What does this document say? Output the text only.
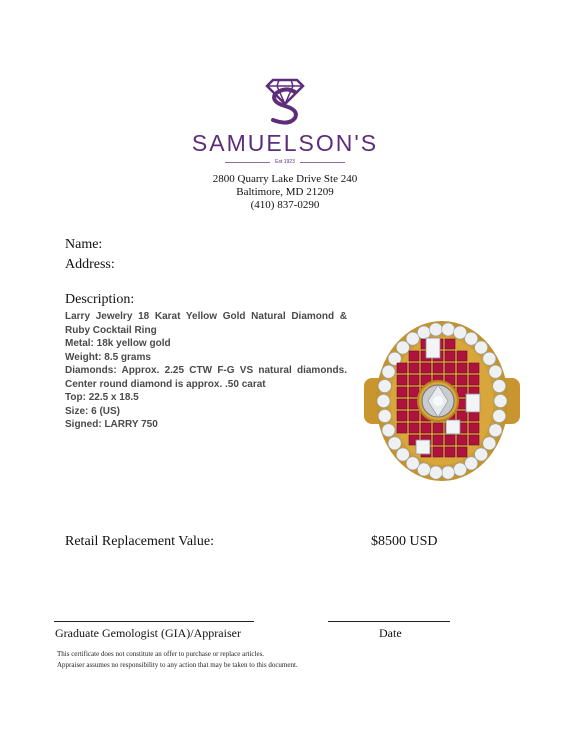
SAMUELSON'S
Est 1923
2800 Quarry Lake Drive Ste 240
Baltimore, MD 21209
(410) 837-0290
Name:
Address:
Description:
Larry Jewelry 18 Karat Yellow Gold Natural Diamond &
Ruby Cocktail Ring
Metal: 18k yellow gold
Weight: 8.5 grams
Diamonds: Approx. 2.25 CTW F-G VS natural diamonds.
Center round diamond is approx. .50 carat
Top: 22.5 x 18.5
Size: 6 (US)
Signed: LARRY 750
Retail Replacement Value:	$8500 USD
Graduate Gemologist (GIA)/Appraiser	Date
This certificate does not constitute an offer to purchase or replace articles.
Appraiser assumes no responsibility to any action that may be taken to this document.
